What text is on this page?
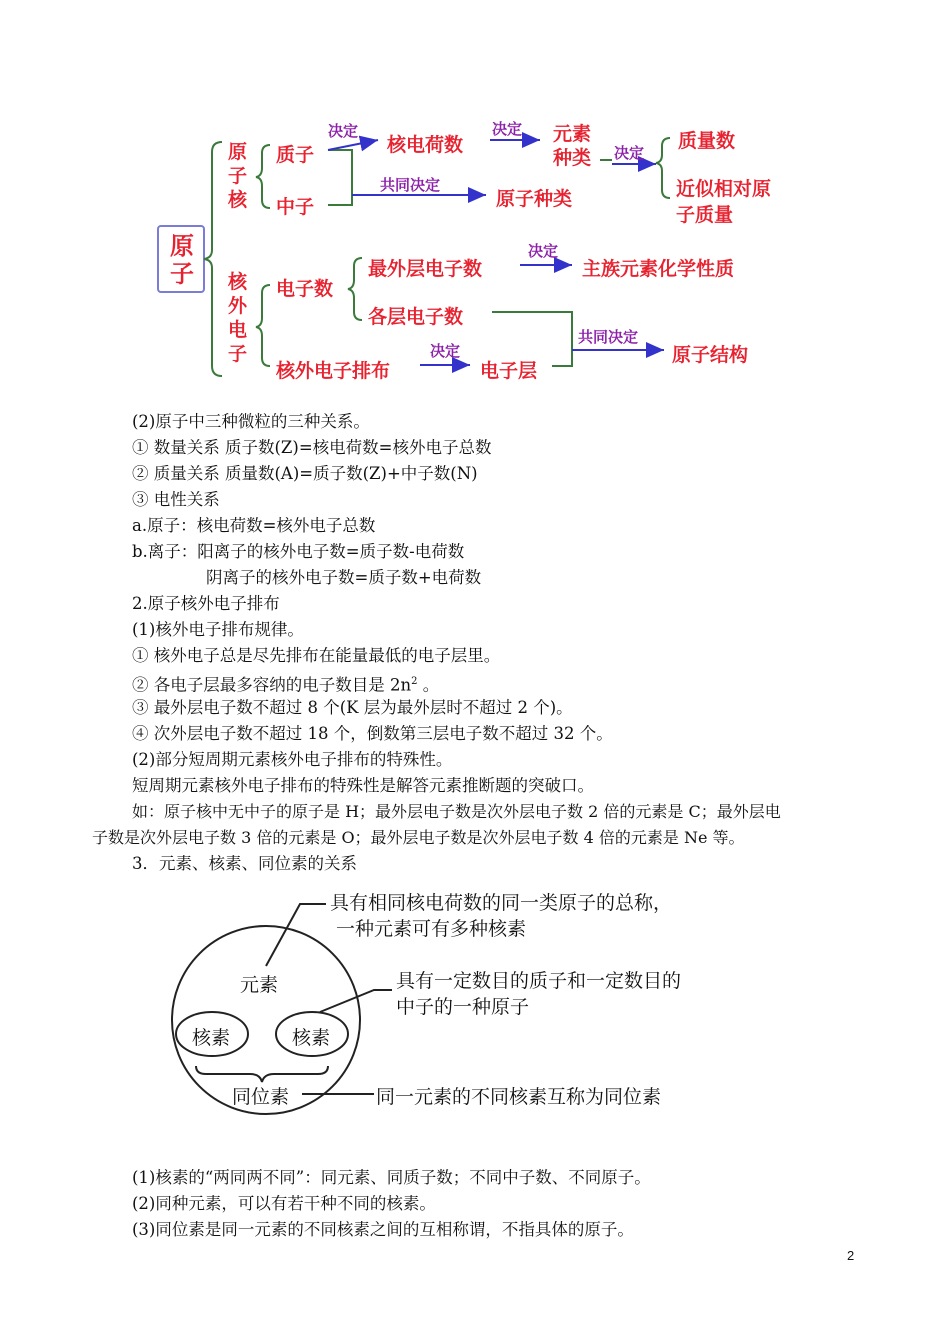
原子
原子核
质子
中子
决定
核电荷数
决定 元素种类	决定
质量数
近似相对原子质量
共同决定
原子种类
核外电子
电子数
最外层电子数
决定
主族元素化学性质
各层电子数
共同决定
原子结构
核外电子排布
决定
电子层
(2)原子中三种微粒的三种关系。
① 数量关系 质子数(Z)=核电荷数=核外电子总数
② 质量关系 质量数(A)=质子数(Z)+中子数(N)
③ 电性关系
a.原子：核电荷数=核外电子总数
b.离子：阳离子的核外电子数=质子数-电荷数
阴离子的核外电子数=质子数+电荷数
2.原子核外电子排布
(1)核外电子排布规律。
① 核外电子总是尽先排布在能量最低的电子层里。
② 各电子层最多容纳的电子数目是 $2n^2$ 。
③ 最外层电子数不超过 8 个(K 层为最外层时不超过 2 个)。
④ 次外层电子数不超过 18 个，倒数第三层电子数不超过 32 个。
(2)部分短周期元素核外电子排布的特殊性。
短周期元素核外电子排布的特殊性是解答元素推断题的突破口。
如：原子核中无中子的原子是 H；最外层电子数是次外层电子数 2 倍的元素是 C；最外层电
子数是次外层电子数 3 倍的元素是 O；最外层电子数是次外层电子数 4 倍的元素是 Ne 等。
3．元素、核素、同位素的关系
元素
核素	核素
同位素
具有相同核电荷数的同一类原子的总称，
一种元素可有多种核素
具有一定数目的质子和一定数目的
中子的一种原子
同一元素的不同核素互称为同位素
(1)核素的“两同两不同”：同元素、同质子数；不同中子数、不同原子。
(2)同种元素，可以有若干种不同的核素。
(3)同位素是同一元素的不同核素之间的互相称谓，不指具体的原子。
2
